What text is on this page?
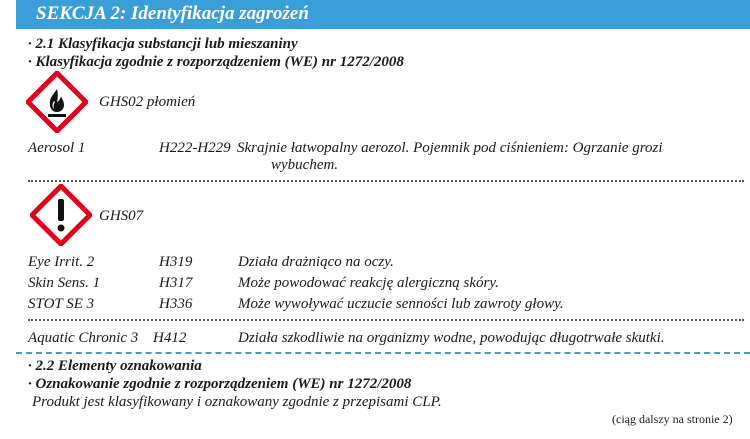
SEKCJA 2: Identyfikacja zagrożeń
· 2.1 Klasyfikacja substancji lub mieszaniny
· Klasyfikacja zgodnie z rozporządzeniem (WE) nr 1272/2008
GHS02 płomień
Aerosol 1	H222-H229 Skrajnie łatwopalny aerozol. Pojemnik pod ciśnieniem: Ogrzanie grozi
wybuchem.
GHS07
Eye Irrit. 2	H319	Działa drażniąco na oczy.
Skin Sens. 1	H317	Może powodować reakcję alergiczną skóry.
STOT SE 3	H336	Może wywoływać uczucie senności lub zawroty głowy.
Aquatic Chronic 3 H412	Działa szkodliwie na organizmy wodne, powodując długotrwałe skutki.
· 2.2 Elementy oznakowania
· Oznakowanie zgodnie z rozporządzeniem (WE) nr 1272/2008
Produkt jest klasyfikowany i oznakowany zgodnie z przepisami CLP.
(ciąg dalszy na stronie 2)
